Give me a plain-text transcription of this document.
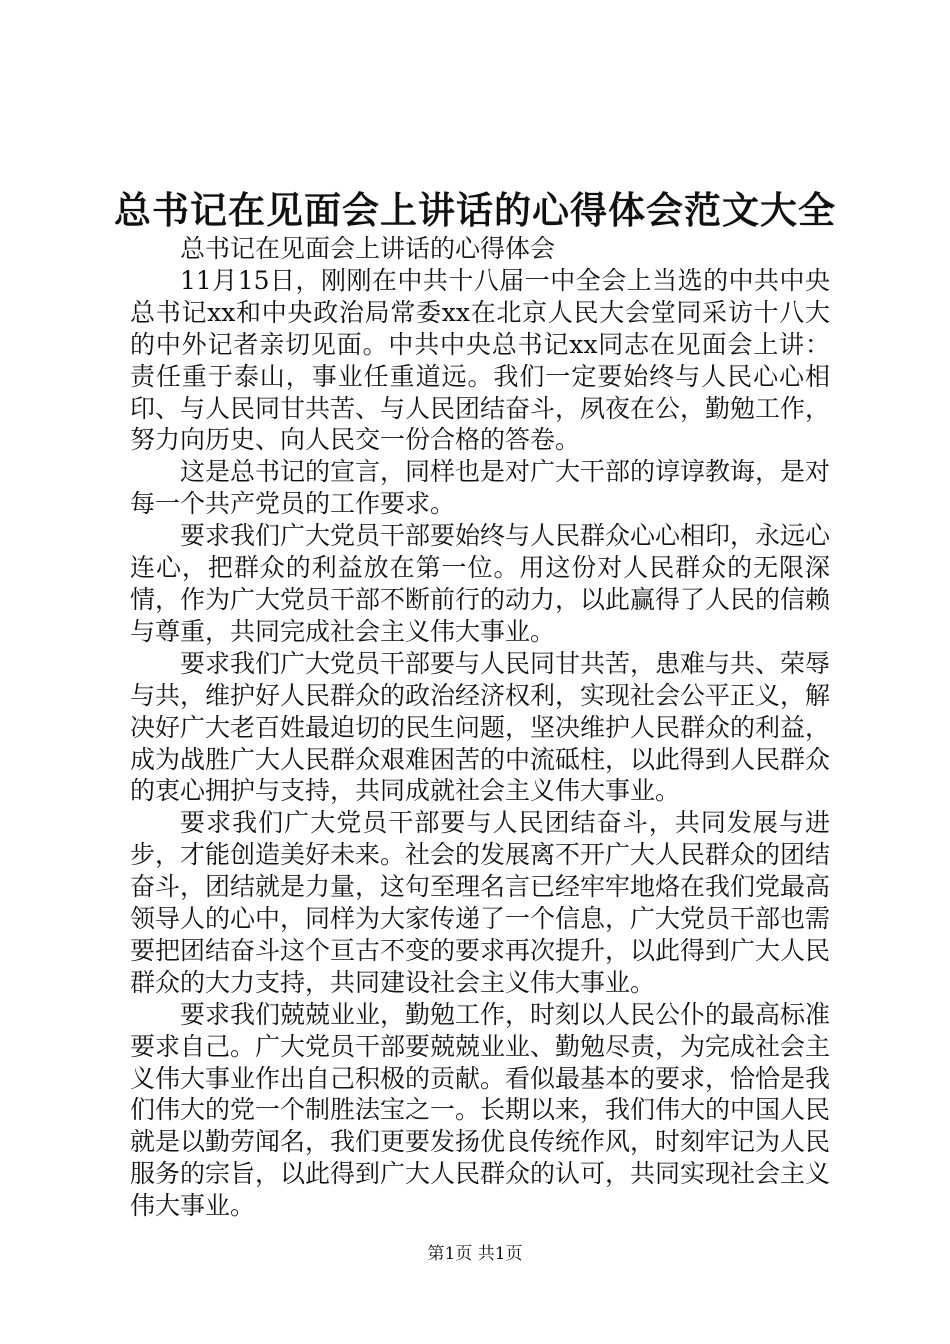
总书记在见面会上讲话的心得体会范文大全

总书记在见面会上讲话的心得体会

11月15日，刚刚在中共十八届一中全会上当选的中共中央总书记xx和中央政治局常委xx在北京人民大会堂同采访十八大的中外记者亲切见面。中共中央总书记xx同志在见面会上讲：责任重于泰山，事业任重道远。我们一定要始终与人民心心相印、与人民同甘共苦、与人民团结奋斗，夙夜在公，勤勉工作，努力向历史、向人民交一份合格的答卷。

这是总书记的宣言，同样也是对广大干部的谆谆教诲，是对每一个共产党员的工作要求。

要求我们广大党员干部要始终与人民群众心心相印，永远心连心，把群众的利益放在第一位。用这份对人民群众的无限深情，作为广大党员干部不断前行的动力，以此赢得了人民的信赖与尊重，共同完成社会主义伟大事业。

要求我们广大党员干部要与人民同甘共苦，患难与共、荣辱与共，维护好人民群众的政治经济权利，实现社会公平正义，解决好广大老百姓最迫切的民生问题，坚决维护人民群众的利益，成为战胜广大人民群众艰难困苦的中流砥柱，以此得到人民群众的衷心拥护与支持，共同成就社会主义伟大事业。

要求我们广大党员干部要与人民团结奋斗，共同发展与进步，才能创造美好未来。社会的发展离不开广大人民群众的团结奋斗，团结就是力量，这句至理名言已经牢牢地烙在我们党最高领导人的心中，同样为大家传递了一个信息，广大党员干部也需要把团结奋斗这个亘古不变的要求再次提升，以此得到广大人民群众的大力支持，共同建设社会主义伟大事业。

要求我们兢兢业业，勤勉工作，时刻以人民公仆的最高标准要求自己。广大党员干部要兢兢业业、勤勉尽责，为完成社会主义伟大事业作出自己积极的贡献。看似最基本的要求，恰恰是我们伟大的党一个制胜法宝之一。长期以来，我们伟大的中国人民就是以勤劳闻名，我们更要发扬优良传统作风，时刻牢记为人民服务的宗旨，以此得到广大人民群众的认可，共同实现社会主义伟大事业。

第1页 共1页
